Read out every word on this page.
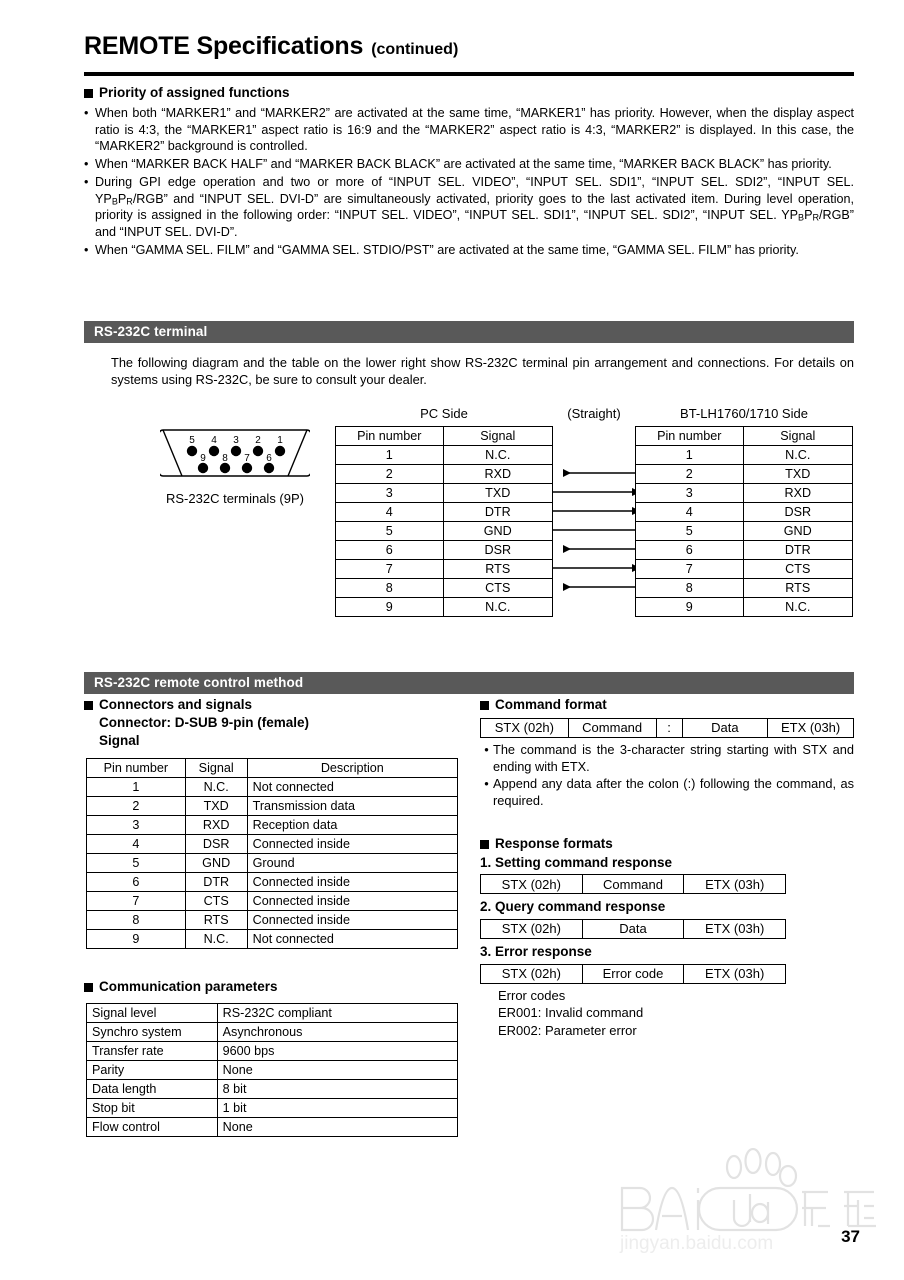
REMOTE Specifications (continued)
Priority of assigned functions
• When both “MARKER1” and “MARKER2” are activated at the same time, “MARKER1” has priority. However, when the display aspect ratio is 4:3, the “MARKER1” aspect ratio is 16:9 and the “MARKER2” aspect ratio is 4:3, “MARKER2” is displayed. In this case, the “MARKER2” background is controlled.
• When “MARKER BACK HALF” and “MARKER BACK BLACK” are activated at the same time, “MARKER BACK BLACK” has priority.
• During GPI edge operation and two or more of “INPUT SEL. VIDEO”, “INPUT SEL. SDI1”, “INPUT SEL. SDI2”, “INPUT SEL. YPBPR/RGB” and “INPUT SEL. DVI-D” are simultaneously activated, priority goes to the last activated item. During level operation, priority is assigned in the following order: “INPUT SEL. VIDEO”, “INPUT SEL. SDI1”, “INPUT SEL. SDI2”, “INPUT SEL. YPBPR/RGB” and “INPUT SEL. DVI-D”.
• When “GAMMA SEL. FILM” and “GAMMA SEL. STDIO/PST” are activated at the same time, “GAMMA SEL. FILM” has priority.
RS-232C terminal
The following diagram and the table on the lower right show RS-232C terminal pin arrangement and connections. For details on systems using RS-232C, be sure to consult your dealer.
5 4 3 2 1
9 8 7 6
RS-232C terminals (9P)
PC Side	(Straight)	BT-LH1760/1710 Side
Pin number	Signal
1	N.C.
2	RXD
3	TXD
4	DTR
5	GND
6	DSR
7	RTS
8	CTS
9	N.C.
Pin number	Signal
1	N.C.
2	TXD
3	RXD
4	DSR
5	GND
6	DTR
7	CTS
8	RTS
9	N.C.
RS-232C remote control method
Connectors and signals
Connector: D-SUB 9-pin (female)
Signal
Pin number	Signal	Description
1	N.C.	Not connected
2	TXD	Transmission data
3	RXD	Reception data
4	DSR	Connected inside
5	GND	Ground
6	DTR	Connected inside
7	CTS	Connected inside
8	RTS	Connected inside
9	N.C.	Not connected
Communication parameters
Signal level	RS-232C compliant
Synchro system	Asynchronous
Transfer rate	9600 bps
Parity	None
Data length	8 bit
Stop bit	1 bit
Flow control	None
Command format
STX (02h)	Command	:	Data	ETX (03h)
• The command is the 3-character string starting with STX and ending with ETX.
• Append any data after the colon (:) following the command, as required.
Response formats
1. Setting command response
STX (02h)	Command	ETX (03h)
2. Query command response
STX (02h)	Data	ETX (03h)
3. Error response
STX (02h)	Error code	ETX (03h)
Error codes
ER001: Invalid command
ER002: Parameter error
jingyan.baidu.com	37
